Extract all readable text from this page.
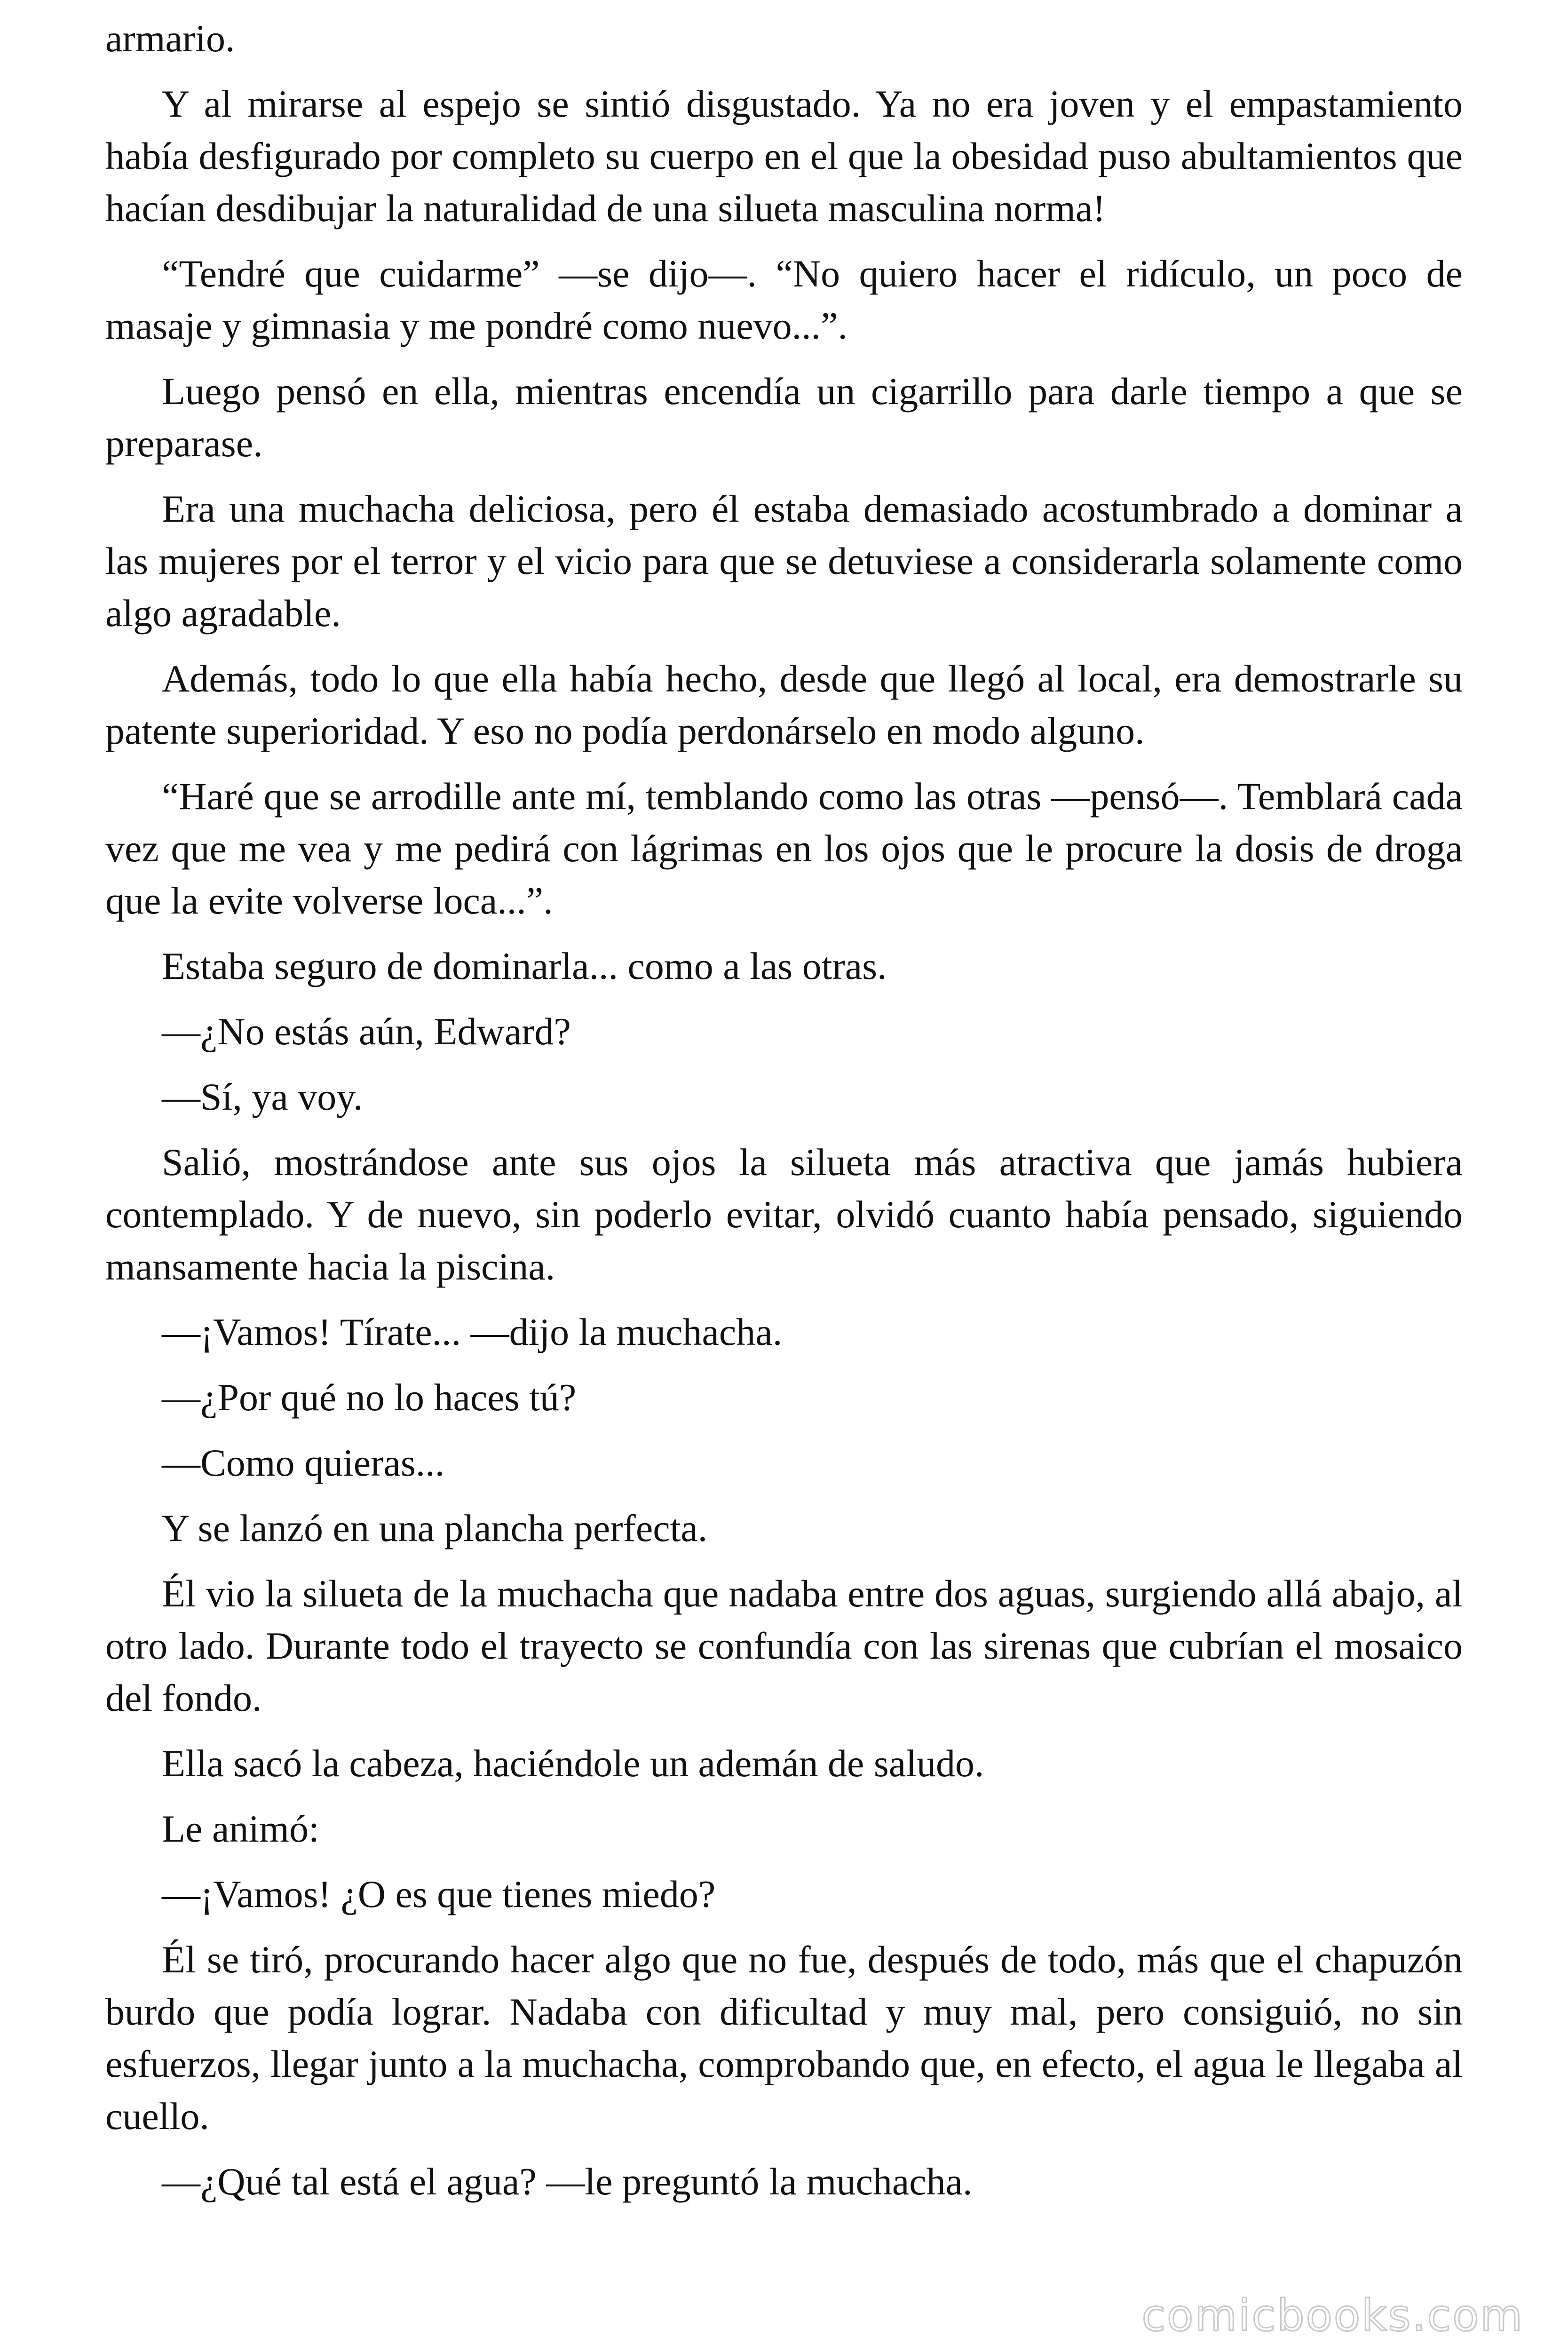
armario.

Y al mirarse al espejo se sintió disgustado. Ya no era joven y el empastamiento había desfigurado por completo su cuerpo en el que la obesidad puso abultamientos que hacían desdibujar la naturalidad de una silueta masculina norma!

“Tendré que cuidarme” —se dijo—. “No quiero hacer el ridículo, un poco de masaje y gimnasia y me pondré como nuevo...”.

Luego pensó en ella, mientras encendía un cigarrillo para darle tiempo a que se preparase.

Era una muchacha deliciosa, pero él estaba demasiado acostumbrado a dominar a las mujeres por el terror y el vicio para que se detuviese a considerarla solamente como algo agradable.

Además, todo lo que ella había hecho, desde que llegó al local, era demostrarle su patente superioridad. Y eso no podía perdonárselo en modo alguno.

“Haré que se arrodille ante mí, temblando como las otras —pensó—. Temblará cada vez que me vea y me pedirá con lágrimas en los ojos que le procure la dosis de droga que la evite volverse loca...”.

Estaba seguro de dominarla... como a las otras.

—¿No estás aún, Edward?

—Sí, ya voy.

Salió, mostrándose ante sus ojos la silueta más atractiva que jamás hubiera contemplado. Y de nuevo, sin poderlo evitar, olvidó cuanto había pensado, siguiendo mansamente hacia la piscina.

—¡Vamos! Tírate... —dijo la muchacha.

—¿Por qué no lo haces tú?

—Como quieras...

Y se lanzó en una plancha perfecta.

Él vio la silueta de la muchacha que nadaba entre dos aguas, surgiendo allá abajo, al otro lado. Durante todo el trayecto se confundía con las sirenas que cubrían el mosaico del fondo.

Ella sacó la cabeza, haciéndole un ademán de saludo.

Le animó:

—¡Vamos! ¿O es que tienes miedo?

Él se tiró, procurando hacer algo que no fue, después de todo, más que el chapuzón burdo que podía lograr. Nadaba con dificultad y muy mal, pero consiguió, no sin esfuerzos, llegar junto a la muchacha, comprobando que, en efecto, el agua le llegaba al cuello.

—¿Qué tal está el agua? —le preguntó la muchacha.

comicbooks.com
